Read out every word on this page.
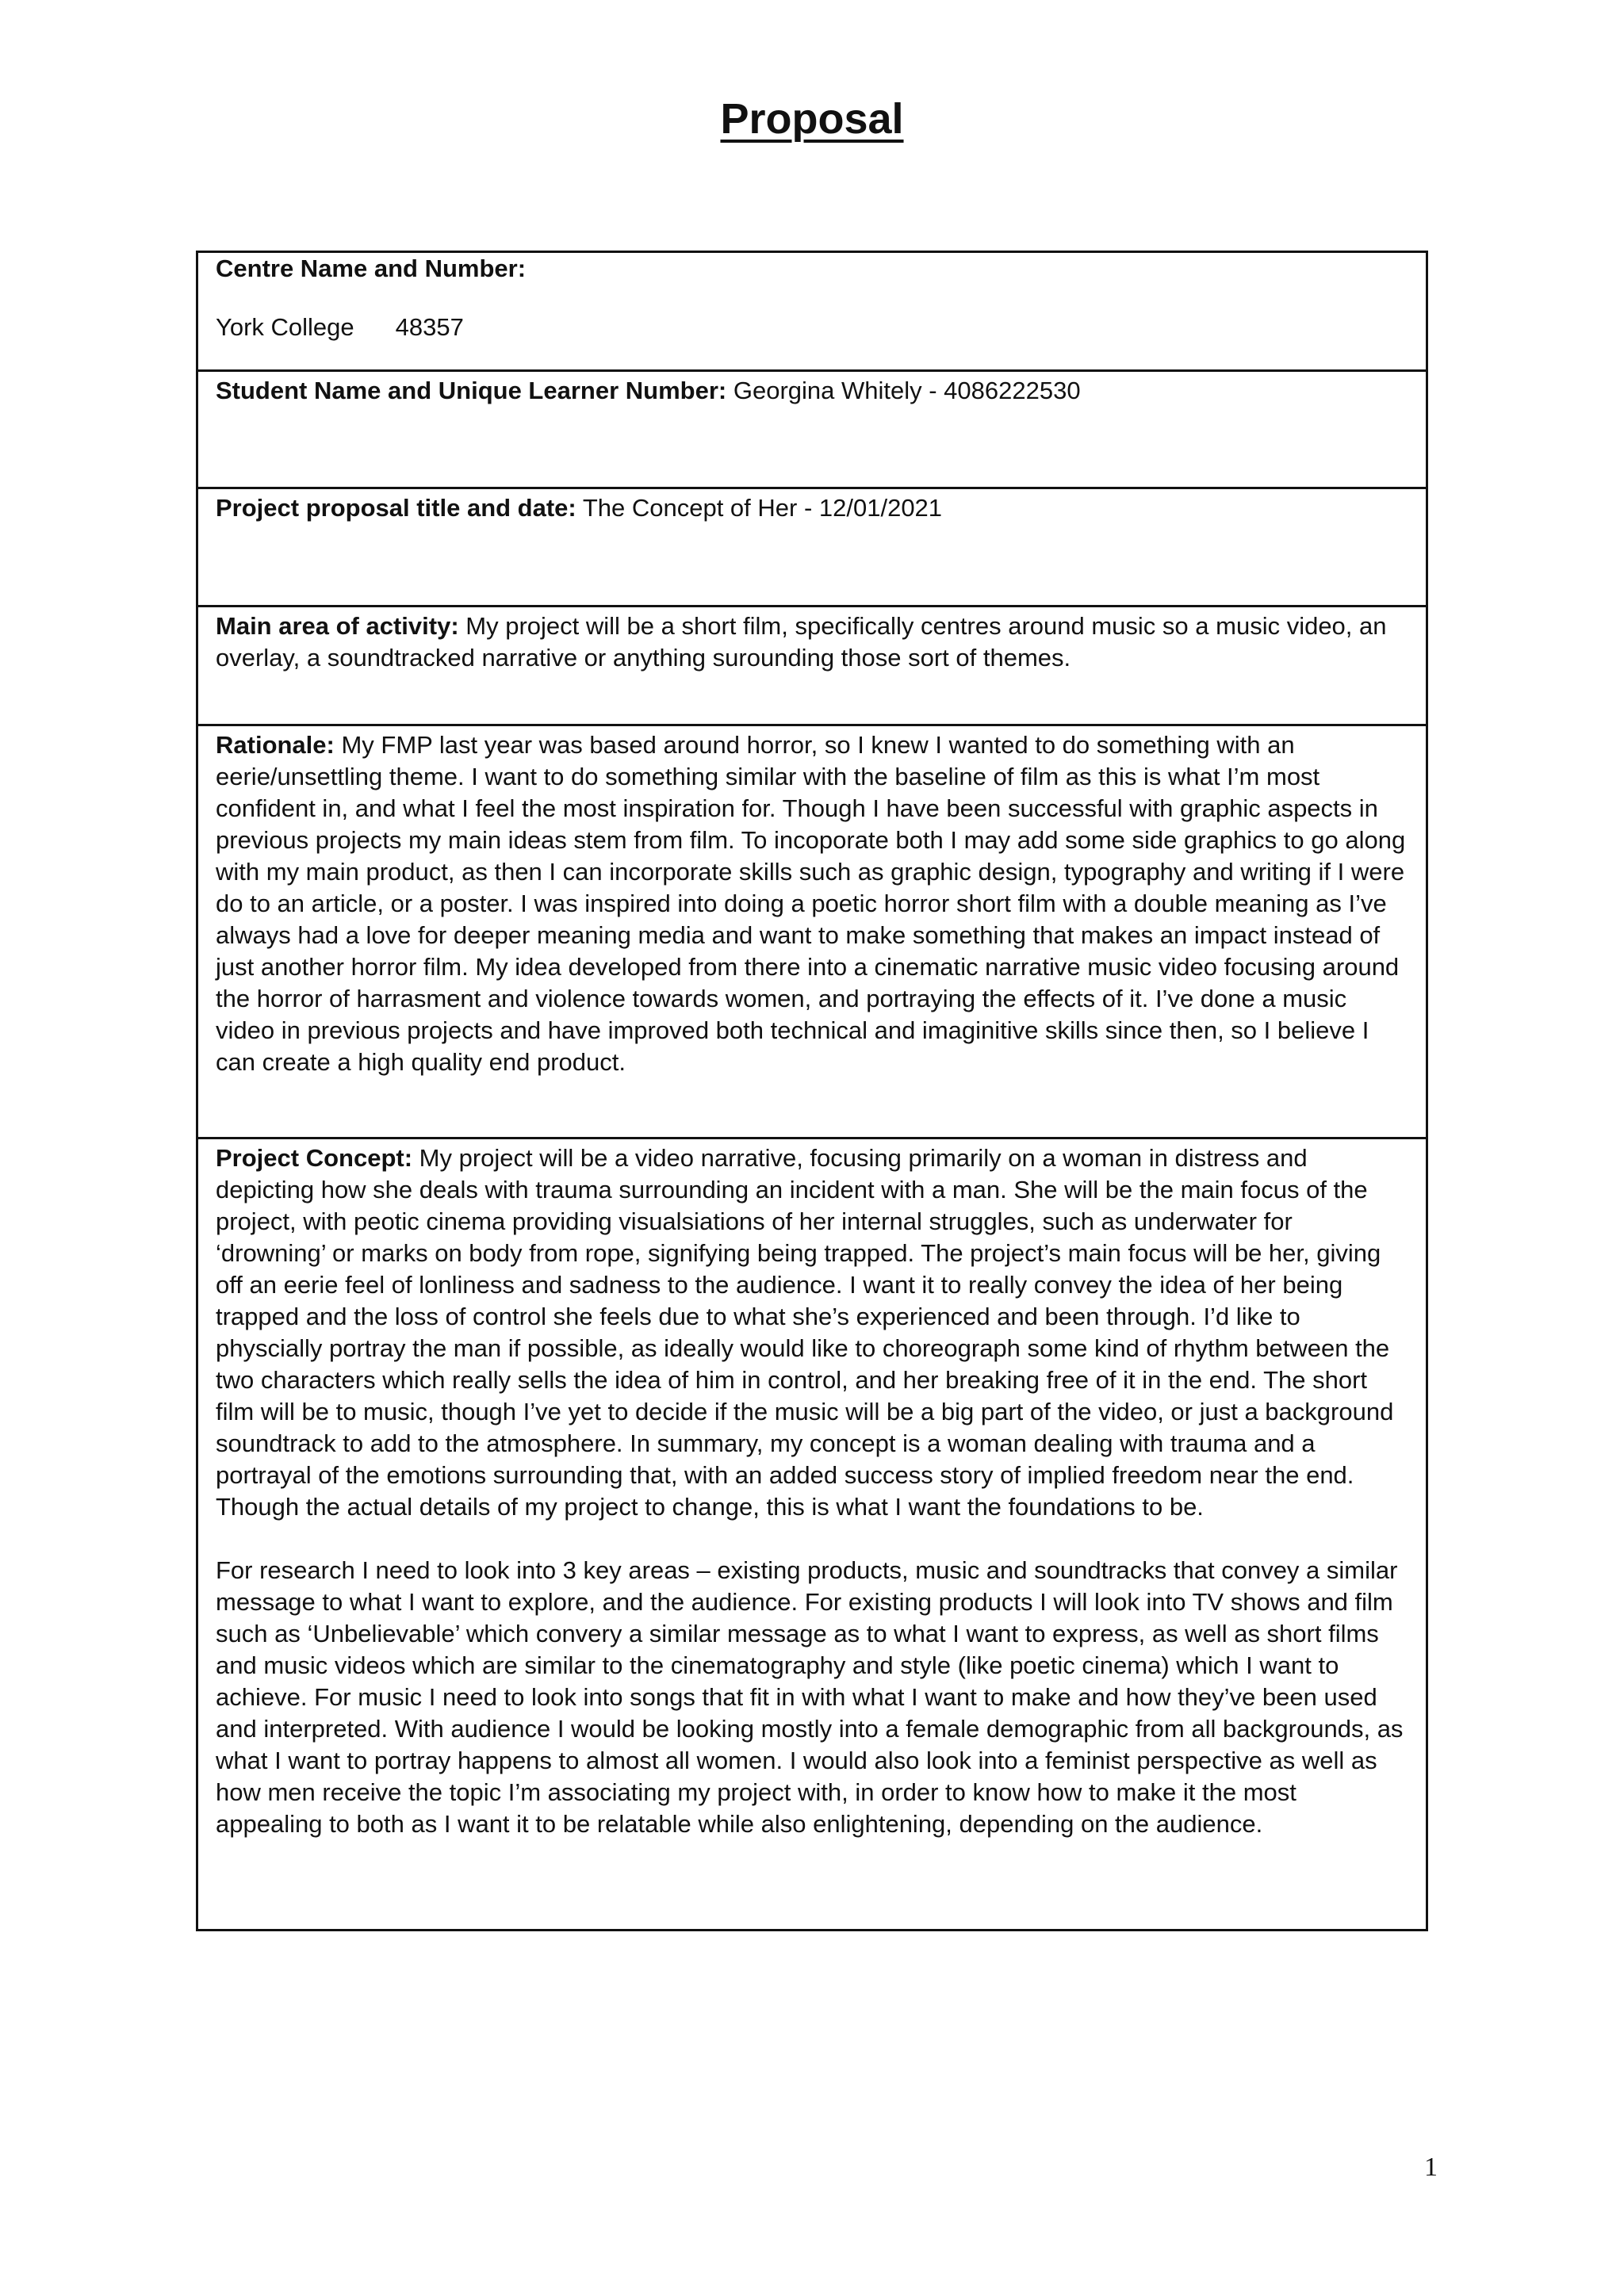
Proposal
Centre Name and Number:
York College 48357
Student Name and Unique Learner Number: Georgina Whitely - 4086222530
Project proposal title and date: The Concept of Her - 12/01/2021
Main area of activity: My project will be a short film, specifically centres around music so a music video, an overlay, a soundtracked narrative or anything surounding those sort of themes.
Rationale: My FMP last year was based around horror, so I knew I wanted to do something with an eerie/unsettling theme. I want to do something similar with the baseline of film as this is what I’m most confident in, and what I feel the most inspiration for. Though I have been successful with graphic aspects in previous projects my main ideas stem from film. To incoporate both I may add some side graphics to go along with my main product, as then I can incorporate skills such as graphic design, typography and writing if I were do to an article, or a poster. I was inspired into doing a poetic horror short film with a double meaning as I’ve always had a love for deeper meaning media and want to make something that makes an impact instead of just another horror film. My idea developed from there into a cinematic narrative music video focusing around the horror of harrasment and violence towards women, and portraying the effects of it. I’ve done a music video in previous projects and have improved both technical and imaginitive skills since then, so I believe I can create a high quality end product.

Project Concept: My project will be a video narrative, focusing primarily on a woman in distress and depicting how she deals with trauma surrounding an incident with a man. She will be the main focus of the project, with peotic cinema providing visualsiations of her internal struggles, such as underwater for ‘drowning’ or marks on body from rope, signifying being trapped. The project’s main focus will be her, giving off an eerie feel of lonliness and sadness to the audience. I want it to really convey the idea of her being trapped and the loss of control she feels due to what she’s experienced and been through. I’d like to physcially portray the man if possible, as ideally would like to choreograph some kind of rhythm between the two characters which really sells the idea of him in control, and her breaking free of it in the end. The short film will be to music, though I’ve yet to decide if the music will be a big part of the video, or just a background soundtrack to add to the atmosphere. In summary, my concept is a woman dealing with trauma and a portrayal of the emotions surrounding that, with an added success story of implied freedom near the end. Though the actual details of my project to change, this is what I want the foundations to be.

For research I need to look into 3 key areas – existing products, music and soundtracks that convey a similar message to what I want to explore, and the audience. For existing products I will look into TV shows and film such as ‘Unbelievable’ which convery a similar message as to what I want to express, as well as short films and music videos which are similar to the cinematography and style (like poetic cinema) which I want to achieve. For music I need to look into songs that fit in with what I want to make and how they’ve been used and interpreted. With audience I would be looking mostly into a female demographic from all backgrounds, as what I want to portray happens to almost all women. I would also look into a feminist perspective as well as how men receive the topic I’m associating my project with, in order to know how to make it the most appealing to both as I want it to be relatable while also enlightening, depending on the audience.

1
